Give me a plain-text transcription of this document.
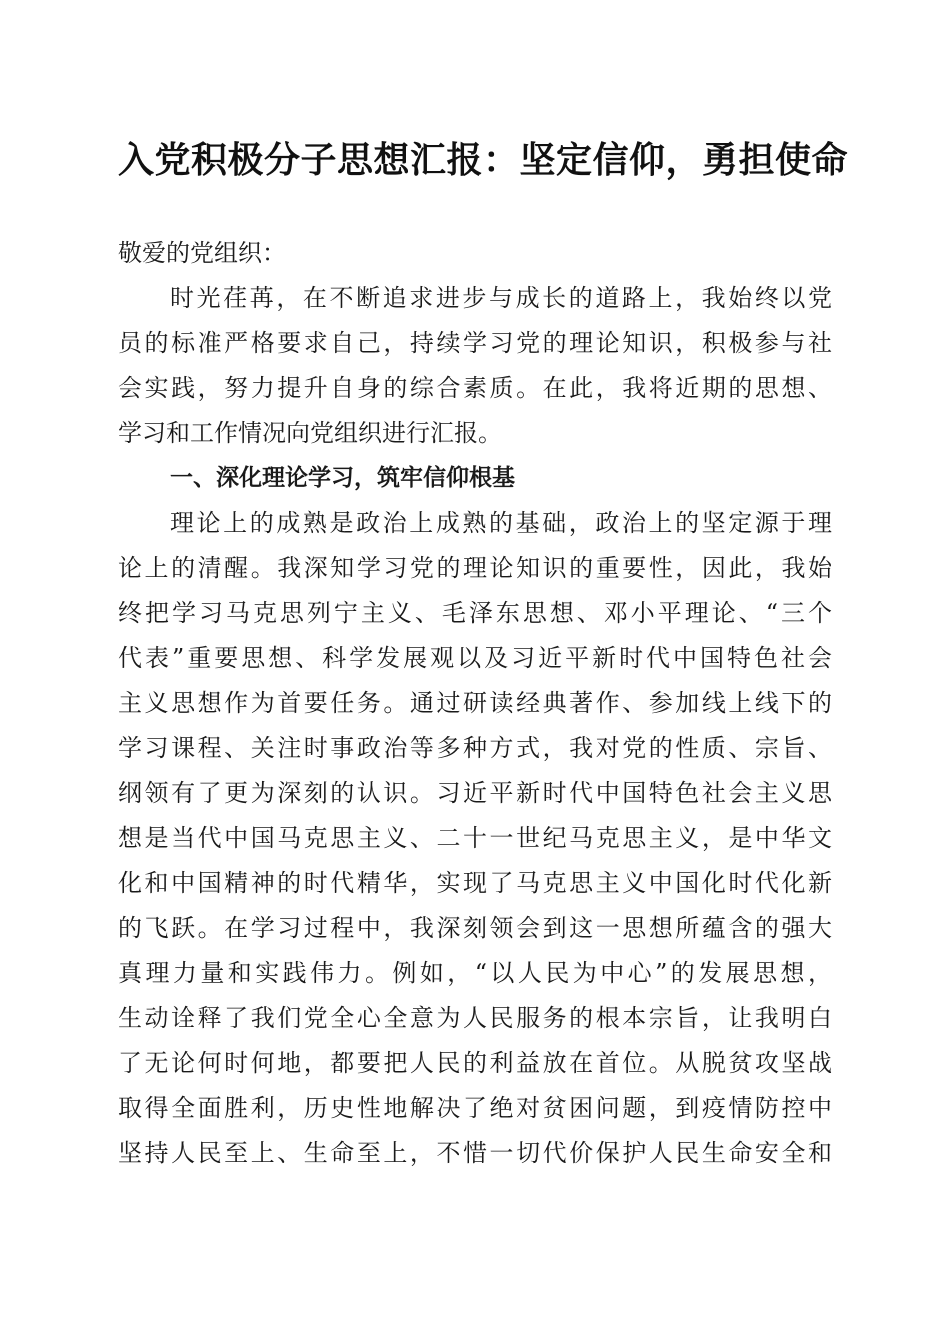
入党积极分子思想汇报：坚定信仰，勇担使命
敬爱的党组织：
时光荏苒，在不断追求进步与成长的道路上，我始终以党
员的标准严格要求自己，持续学习党的理论知识，积极参与社
会实践，努力提升自身的综合素质。在此，我将近期的思想、
学习和工作情况向党组织进行汇报。
一、深化理论学习，筑牢信仰根基
理论上的成熟是政治上成熟的基础，政治上的坚定源于理
论上的清醒。我深知学习党的理论知识的重要性，因此，我始
终把学习马克思列宁主义、毛泽东思想、邓小平理论、“三个
代表”重要思想、科学发展观以及习近平新时代中国特色社会
主义思想作为首要任务。通过研读经典著作、参加线上线下的
学习课程、关注时事政治等多种方式，我对党的性质、宗旨、
纲领有了更为深刻的认识。习近平新时代中国特色社会主义思
想是当代中国马克思主义、二十一世纪马克思主义，是中华文
化和中国精神的时代精华，实现了马克思主义中国化时代化新
的飞跃。在学习过程中，我深刻领会到这一思想所蕴含的强大
真理力量和实践伟力。例如，“以人民为中心”的发展思想，
生动诠释了我们党全心全意为人民服务的根本宗旨，让我明白
了无论何时何地，都要把人民的利益放在首位。从脱贫攻坚战
取得全面胜利，历史性地解决了绝对贫困问题，到疫情防控中
坚持人民至上、生命至上，不惜一切代价保护人民生命安全和
